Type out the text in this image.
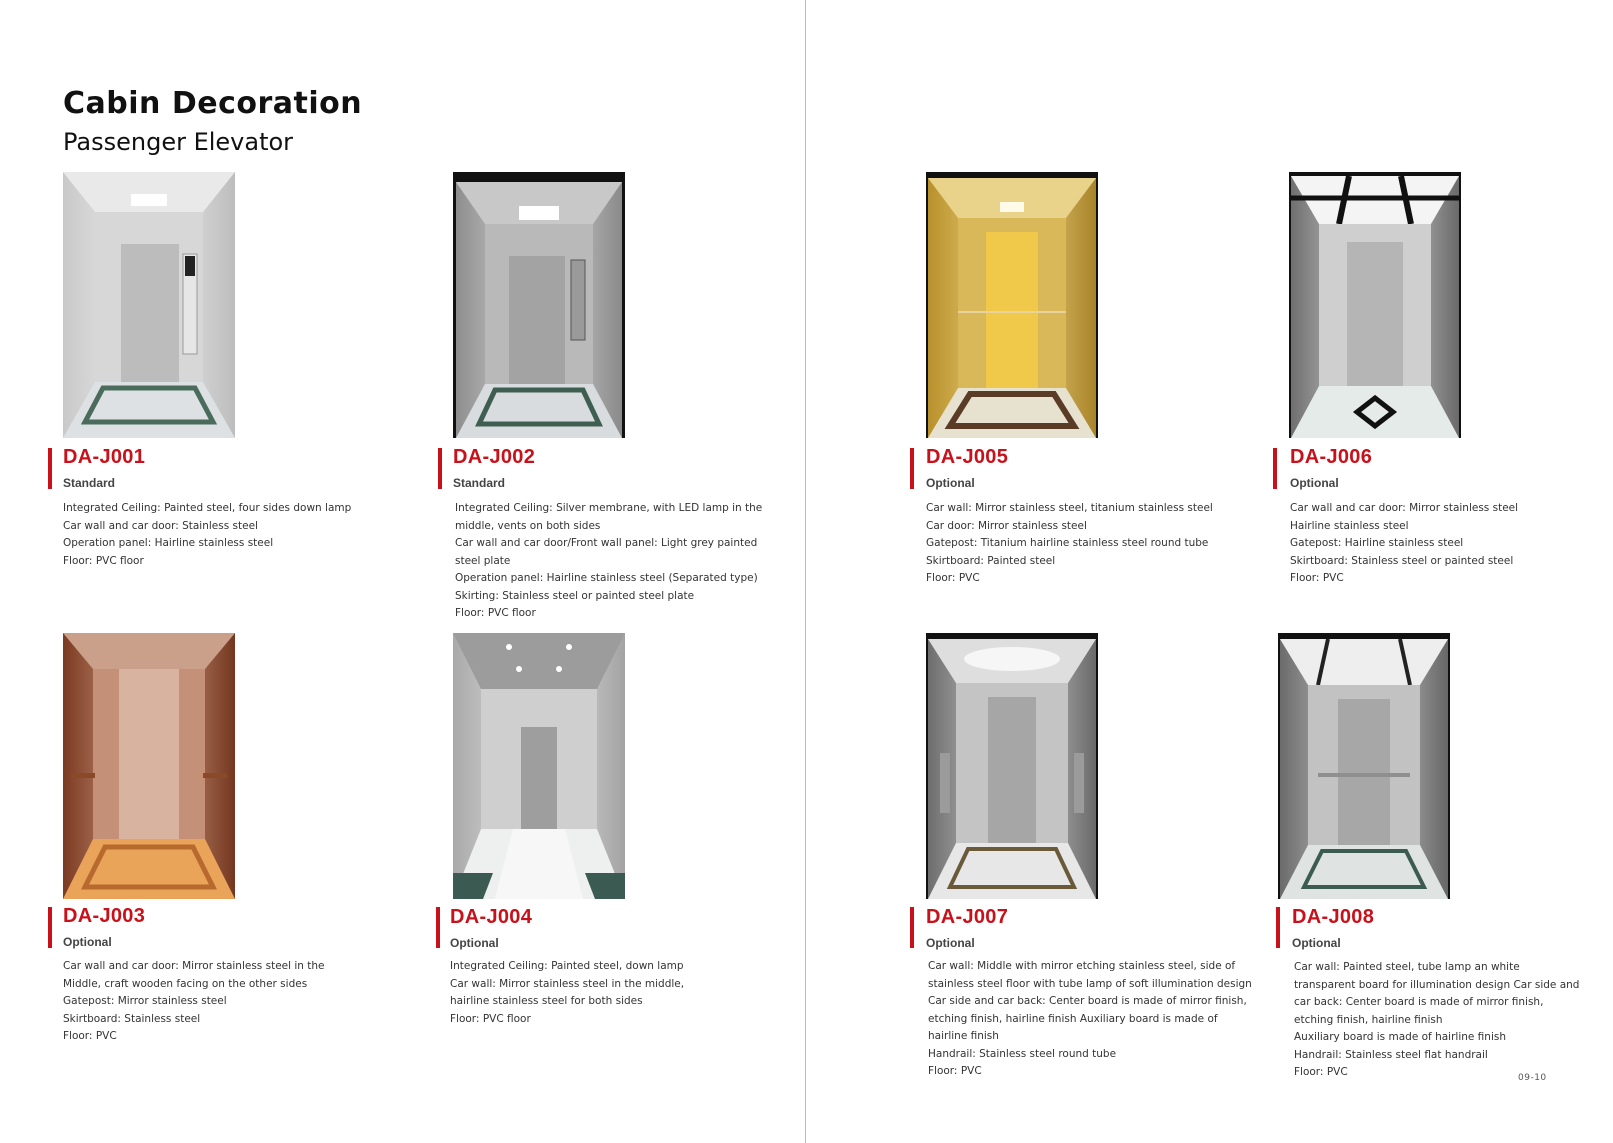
Cabin Decoration
Passenger Elevator
09-10
DA-J001
Standard
Integrated Ceiling: Painted steel, four sides down lamp
Car wall and car door: Stainless steel
Operation panel: Hairline stainless steel
Floor: PVC floor
DA-J002
Standard
Integrated Ceiling: Silver membrane, with LED lamp in the
middle, vents on both sides
Car wall and car door/Front wall panel: Light grey painted
steel plate
Operation panel: Hairline stainless steel (Separated type)
Skirting: Stainless steel or painted steel plate
Floor: PVC floor
DA-J005
Optional
Car wall: Mirror stainless steel, titanium stainless steel
Car door: Mirror stainless steel
Gatepost: Titanium hairline stainless steel round tube
Skirtboard: Painted steel
Floor: PVC
DA-J006
Optional
Car wall and car door: Mirror stainless steel
Hairline stainless steel
Gatepost: Hairline stainless steel
Skirtboard: Stainless steel or painted steel
Floor: PVC
DA-J003
Optional
Car wall and car door: Mirror stainless steel in the
Middle, craft wooden facing on the other sides
Gatepost: Mirror stainless steel
Skirtboard: Stainless steel
Floor: PVC
DA-J004
Optional
Integrated Ceiling: Painted steel, down lamp
Car wall: Mirror stainless steel in the middle,
hairline stainless steel for both sides
Floor: PVC floor
DA-J007
Optional
Car wall: Middle with mirror etching stainless steel, side of
stainless steel floor with tube lamp of soft illumination design
Car side and car back: Center board is made of mirror finish,
etching finish, hairline finish Auxiliary board is made of
hairline finish
Handrail: Stainless steel round tube
Floor: PVC
DA-J008
Optional
Car wall: Painted steel, tube lamp an white
transparent board for illumination design Car side and
car back: Center board is made of mirror finish,
etching finish, hairline finish
Auxiliary board is made of hairline finish
Handrail: Stainless steel flat handrail
Floor: PVC
